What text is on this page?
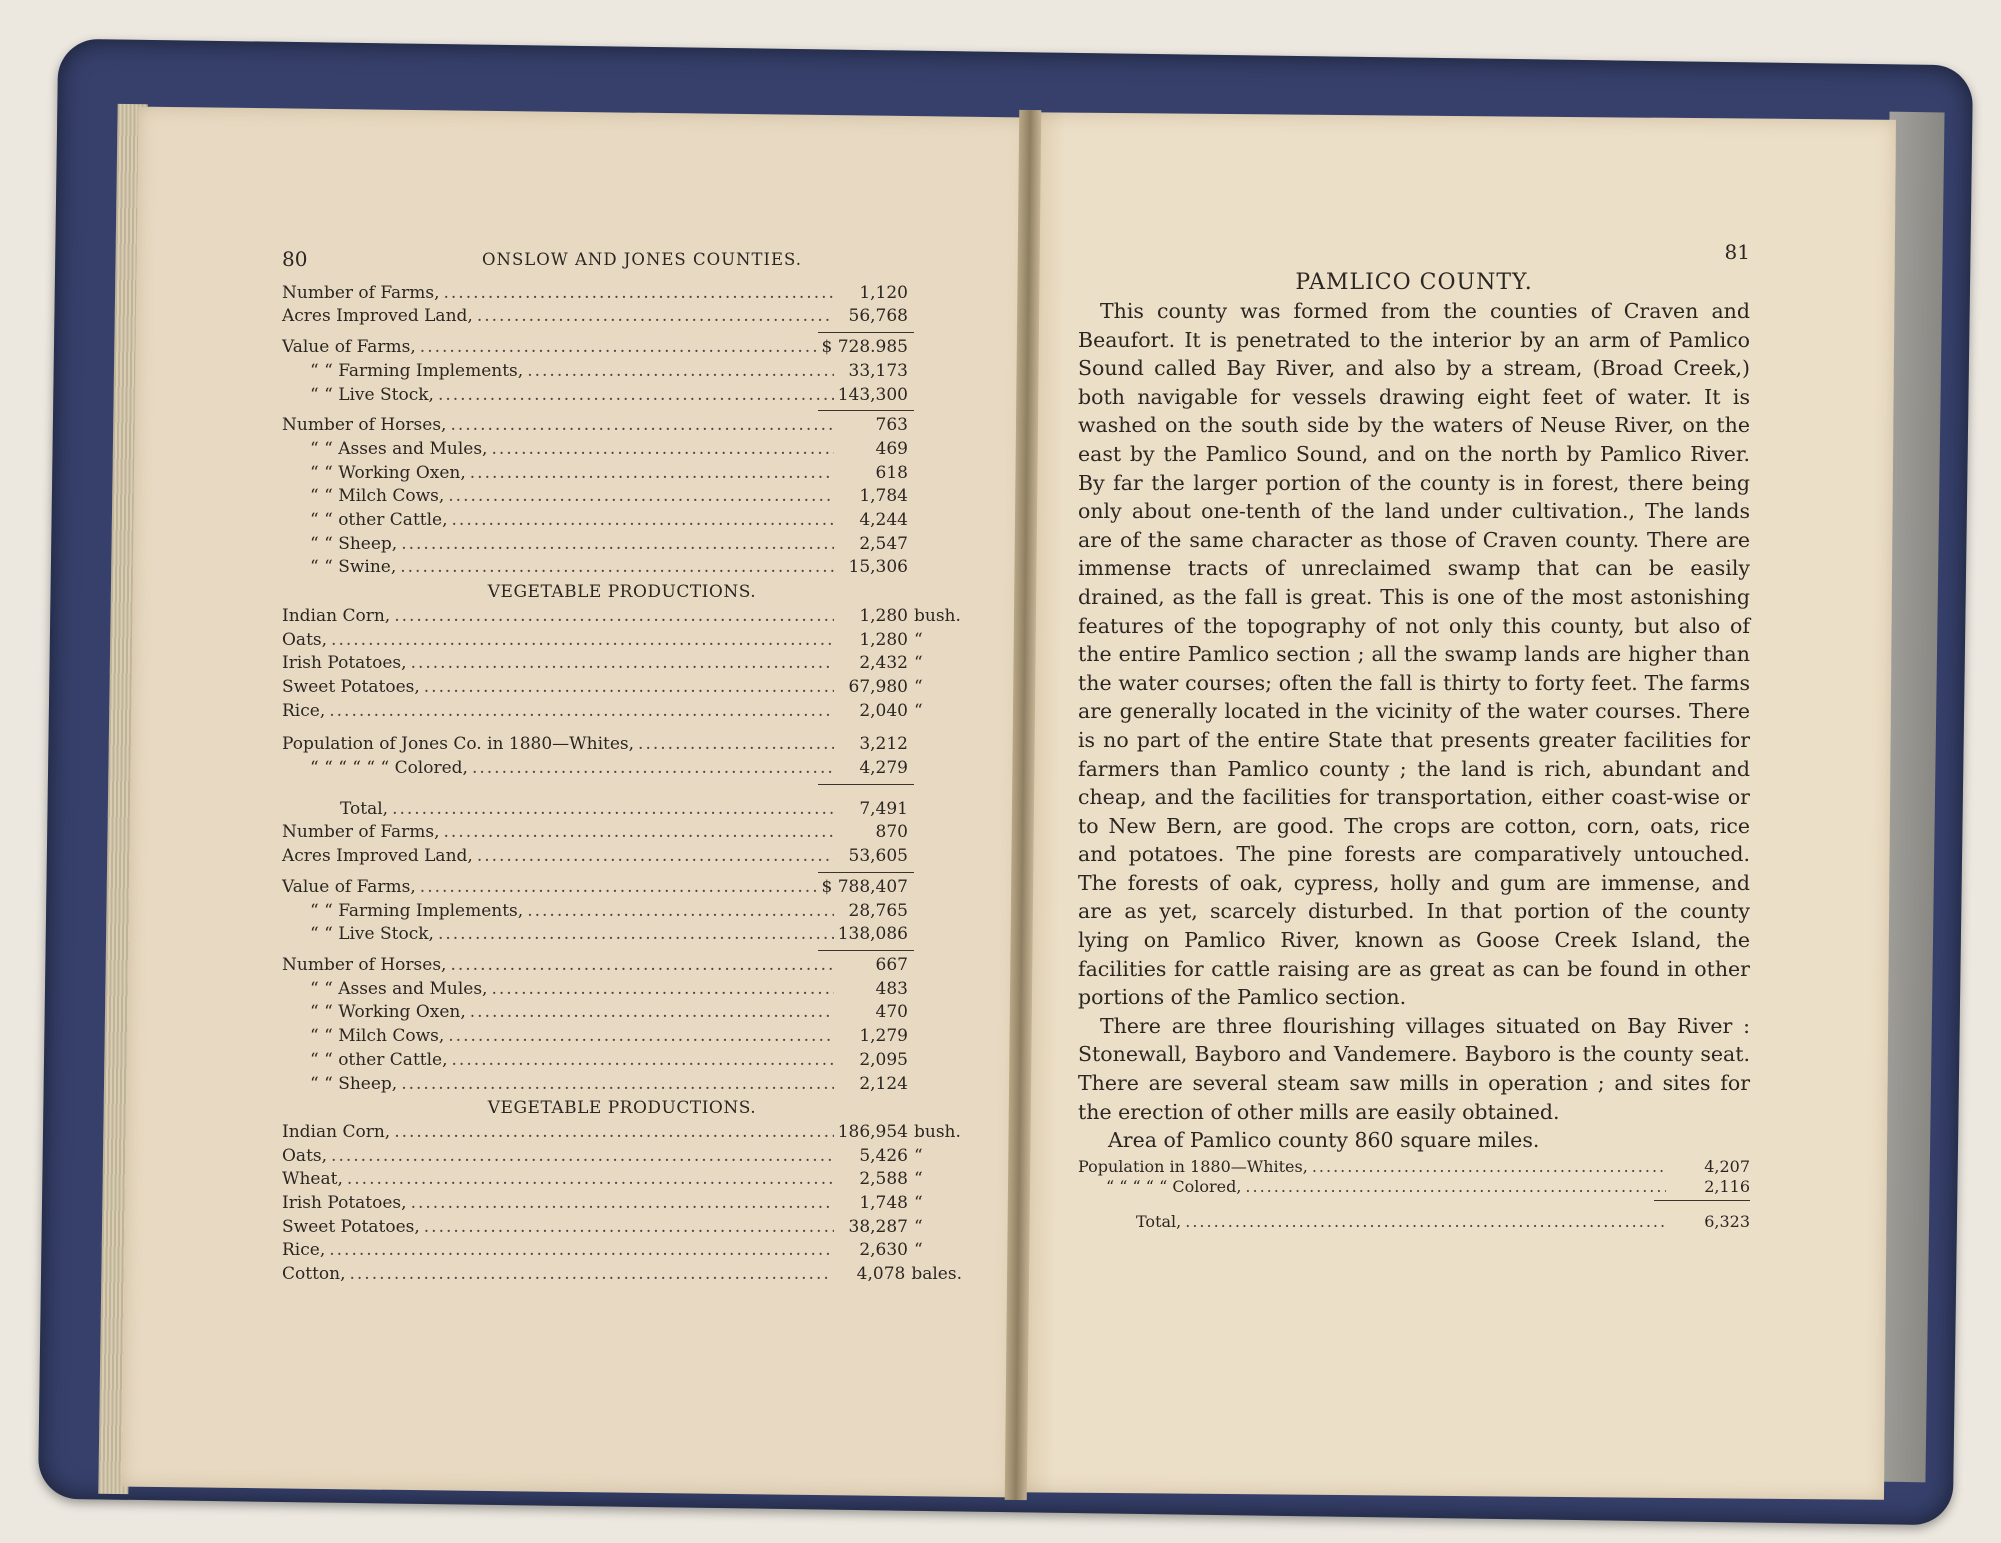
80	ONSLOW AND JONES COUNTIES.
Number of Farms, .....	1,120
Acres Improved Land, .....	56,768
Value of Farms, .....	$ 728.985
“ “ Farming Implements, .....	33,173
“ “ Live Stock, .....	143,300
Number of Horses, .....	763
“ “ Asses and Mules, .....	469
“ “ Working Oxen, .....	618
“ “ Milch Cows, .....	1,784
“ “ other Cattle, .....	4,244
“ “ Sheep, .....	2,547
“ “ Swine, .....	15,306
VEGETABLE PRODUCTIONS.
Indian Corn, .....	1,280 bush.
Oats, .....	1,280 “
Irish Potatoes, .....	2,432 “
Sweet Potatoes, .....	67,980 “
Rice, .....	2,040 “
Population of Jones Co. in 1880—Whites, .....	3,212
“ “ “ “ “ “ Colored, .....	4,279
Total, .....	7,491
Number of Farms, .....	870
Acres Improved Land, .....	53,605
Value of Farms, .....	$ 788,407
“ “ Farming Implements, .....	28,765
“ “ Live Stock, .....	138,086
Number of Horses, .....	667
“ “ Asses and Mules, .....	483
“ “ Working Oxen, .....	470
“ “ Milch Cows, .....	1,279
“ “ other Cattle, .....	2,095
“ “ Sheep, .....	2,124
VEGETABLE PRODUCTIONS.
Indian Corn, .....	186,954 bush.
Oats, .....	5,426 “
Wheat, .....	2,588 “
Irish Potatoes, .....	1,748 “
Sweet Potatoes, .....	38,287 “
Rice, .....	2,630 “
Cotton, .....	4,078 bales.
81
PAMLICO COUNTY.

This county was formed from the counties of Craven and Beaufort. It is penetrated to the interior by an arm of Pamlico Sound called Bay River, and also by a stream, (Broad Creek,) both navigable for vessels drawing eight feet of water. It is washed on the south side by the waters of Neuse River, on the east by the Pamlico Sound, and on the north by Pamlico River. By far the larger portion of the county is in forest, there being only about one-tenth of the land under cultivation., The lands are of the same character as those of Craven county. There are immense tracts of unreclaimed swamp that can be easily drained, as the fall is great. This is one of the most astonishing features of the topography of not only this county, but also of the entire Pamlico section ; all the swamp lands are higher than the water courses; often the fall is thirty to forty feet. The farms are generally located in the vicinity of the water courses. There is no part of the entire State that presents greater facilities for farmers than Pamlico county ; the land is rich, abundant and cheap, and the facilities for transportation, either coast-wise or to New Bern, are good. The crops are cotton, corn, oats, rice and potatoes. The pine forests are comparatively untouched. The forests of oak, cypress, holly and gum are immense, and are as yet, scarcely disturbed. In that portion of the county lying on Pamlico River, known as Goose Creek Island, the facilities for cattle raising are as great as can be found in other portions of the Pamlico section.

There are three flourishing villages situated on Bay River : Stonewall, Bayboro and Vandemere. Bayboro is the county seat. There are several steam saw mills in operation ; and sites for the erection of other mills are easily obtained.

Area of Pamlico county 860 square miles.

Population in 1880—Whites, .....	4,207
“ “ “ “ “ Colored, .....	2,116
Total, .....	6,323
